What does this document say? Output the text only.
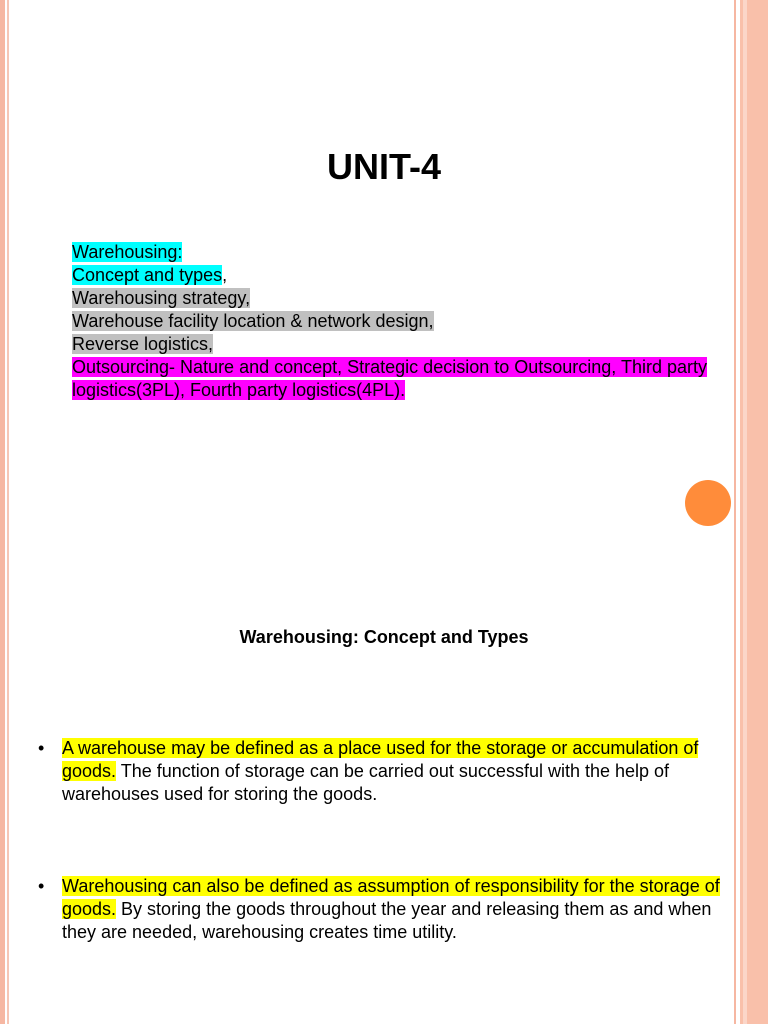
UNIT-4
Warehousing:
Concept and types,
Warehousing strategy,
Warehouse facility location & network design,
Reverse logistics,
Outsourcing- Nature and concept, Strategic decision to Outsourcing, Third party logistics(3PL), Fourth party logistics(4PL).
Warehousing: Concept and Types
• A warehouse may be defined as a place used for the storage or accumulation of goods. The function of storage can be carried out successful with the help of warehouses used for storing the goods.
• Warehousing can also be defined as assumption of responsibility for the storage of goods. By storing the goods throughout the year and releasing them as and when they are needed, warehousing creates time utility.
